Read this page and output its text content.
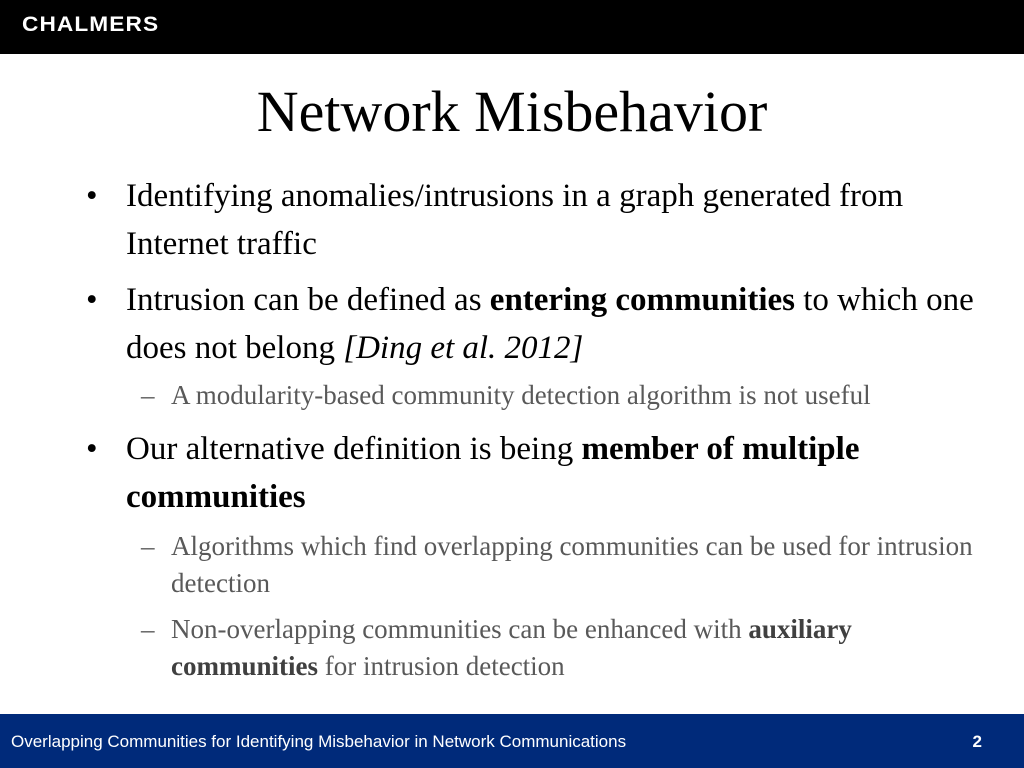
CHALMERS
Network Misbehavior
• Identifying anomalies/intrusions in a graph generated from Internet traffic
• Intrusion can be defined as entering communities to which one does not belong [Ding et al. 2012]
– A modularity-based community detection algorithm is not useful
• Our alternative definition is being member of multiple communities
– Algorithms which find overlapping communities can be used for intrusion detection
– Non-overlapping communities can be enhanced with auxiliary communities for intrusion detection
Overlapping Communities for Identifying Misbehavior in Network Communications	2
